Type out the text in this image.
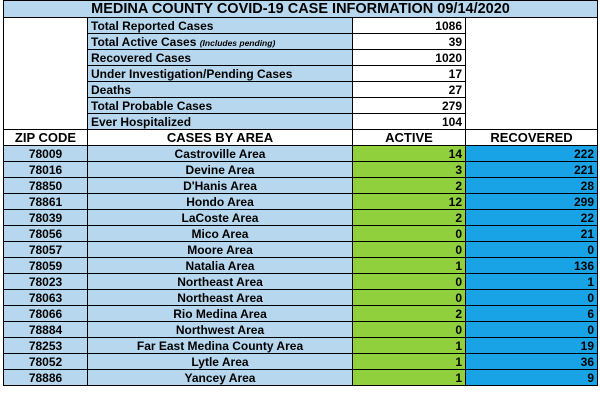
MEDINA COUNTY COVID-19 CASE INFORMATION 09/14/2020			
	Total Reported Cases	1086	
	Total Active Cases (Includes pending)	39	
	Recovered Cases	1020	
	Under Investigation/Pending Cases	17	
	Deaths	27	
	Total Probable Cases	279	
	Ever Hospitalized	104	
ZIP CODE	CASES BY AREA	ACTIVE	RECOVERED
78009	Castroville Area	14	222
78016	Devine Area	3	221
78850	D'Hanis Area	2	28
78861	Hondo Area	12	299
78039	LaCoste Area	2	22
78056	Mico Area	0	21
78057	Moore Area	0	0
78059	Natalia Area	1	136
78023	Northeast Area	0	1
78063	Northeast Area	0	0
78066	Rio Medina Area	2	6
78884	Northwest Area	0	0
78253	Far East Medina County Area	1	19
78052	Lytle Area	1	36
78886	Yancey Area	1	9
